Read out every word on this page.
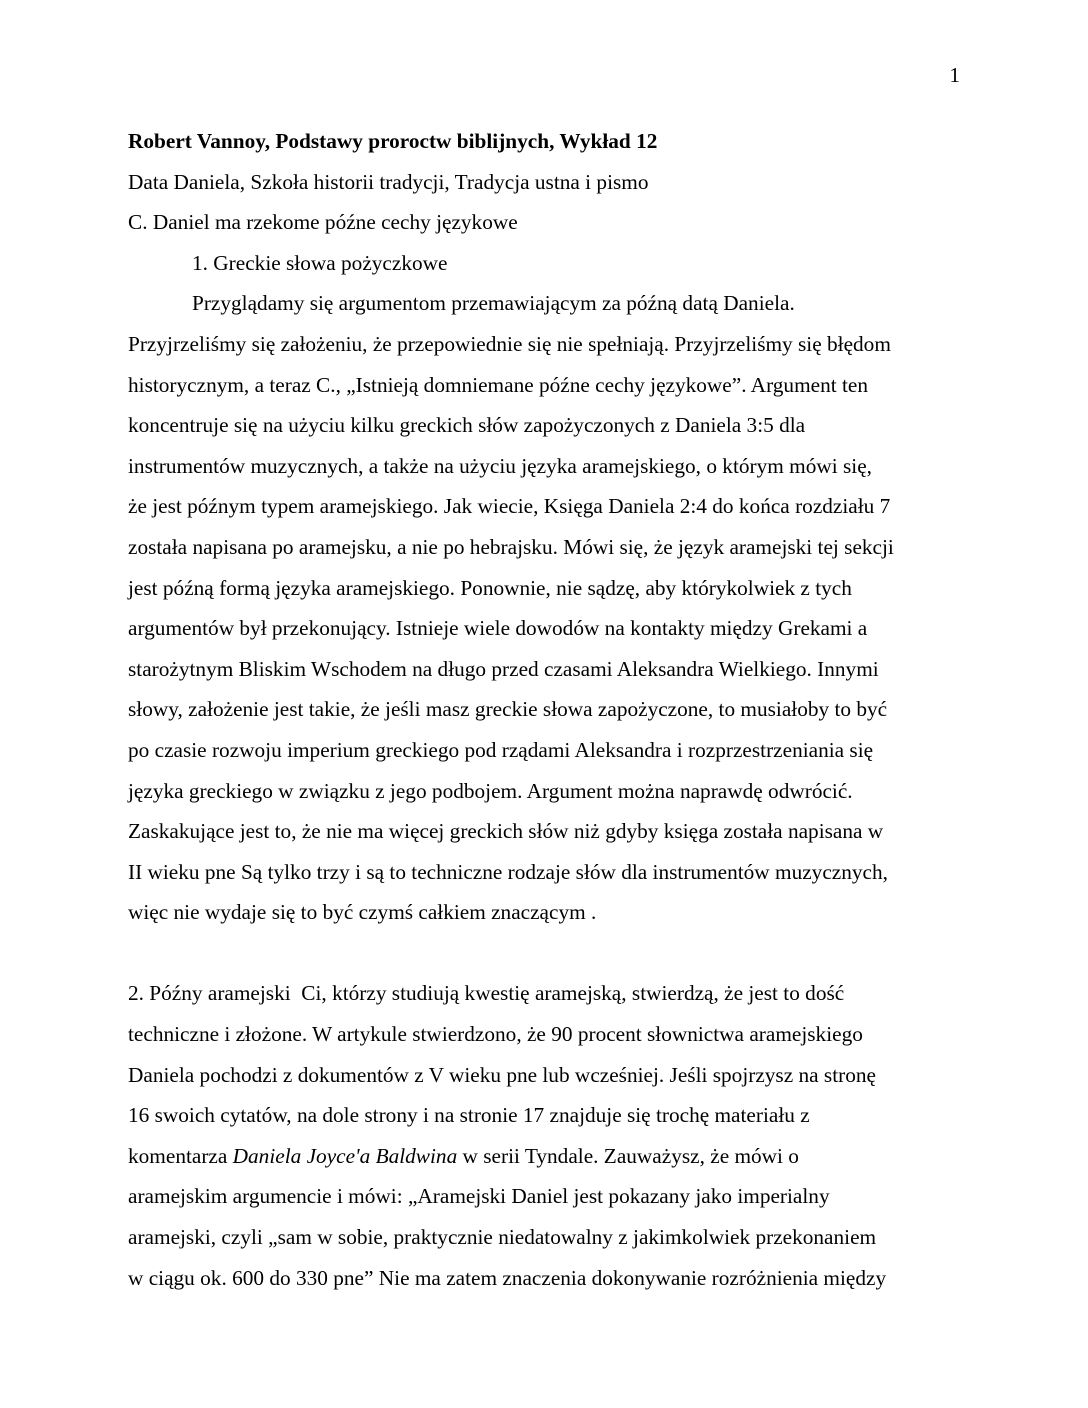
1
Robert Vannoy, Podstawy proroctw biblijnych, Wykład 12
Data Daniela, Szkoła historii tradycji, Tradycja ustna i pismo
C. Daniel ma rzekome późne cechy językowe
1. Greckie słowa pożyczkowe
Przyglądamy się argumentom przemawiającym za późną datą Daniela.
Przyjrzeliśmy się założeniu, że przepowiednie się nie spełniają. Przyjrzeliśmy się błędom
historycznym, a teraz C., „Istnieją domniemane późne cechy językowe”. Argument ten
koncentruje się na użyciu kilku greckich słów zapożyczonych z Daniela 3:5 dla
instrumentów muzycznych, a także na użyciu języka aramejskiego, o którym mówi się,
że jest późnym typem aramejskiego. Jak wiecie, Księga Daniela 2:4 do końca rozdziału 7
została napisana po aramejsku, a nie po hebrajsku. Mówi się, że język aramejski tej sekcji
jest późną formą języka aramejskiego. Ponownie, nie sądzę, aby którykolwiek z tych
argumentów był przekonujący. Istnieje wiele dowodów na kontakty między Grekami a
starożytnym Bliskim Wschodem na długo przed czasami Aleksandra Wielkiego. Innymi
słowy, założenie jest takie, że jeśli masz greckie słowa zapożyczone, to musiałoby to być
po czasie rozwoju imperium greckiego pod rządami Aleksandra i rozprzestrzeniania się
języka greckiego w związku z jego podbojem. Argument można naprawdę odwrócić.
Zaskakujące jest to, że nie ma więcej greckich słów niż gdyby księga została napisana w
II wieku pne Są tylko trzy i są to techniczne rodzaje słów dla instrumentów muzycznych,
więc nie wydaje się to być czymś całkiem znaczącym .
2. Późny aramejski  Ci, którzy studiują kwestię aramejską, stwierdzą, że jest to dość
techniczne i złożone. W artykule stwierdzono, że 90 procent słownictwa aramejskiego
Daniela pochodzi z dokumentów z V wieku pne lub wcześniej. Jeśli spojrzysz na stronę
16 swoich cytatów, na dole strony i na stronie 17 znajduje się trochę materiału z
komentarza Daniela Joyce'a Baldwina w serii Tyndale. Zauważysz, że mówi o
aramejskim argumencie i mówi: „Aramejski Daniel jest pokazany jako imperialny
aramejski, czyli „sam w sobie, praktycznie niedatowalny z jakimkolwiek przekonaniem
w ciągu ok. 600 do 330 pne” Nie ma zatem znaczenia dokonywanie rozróżnienia między
